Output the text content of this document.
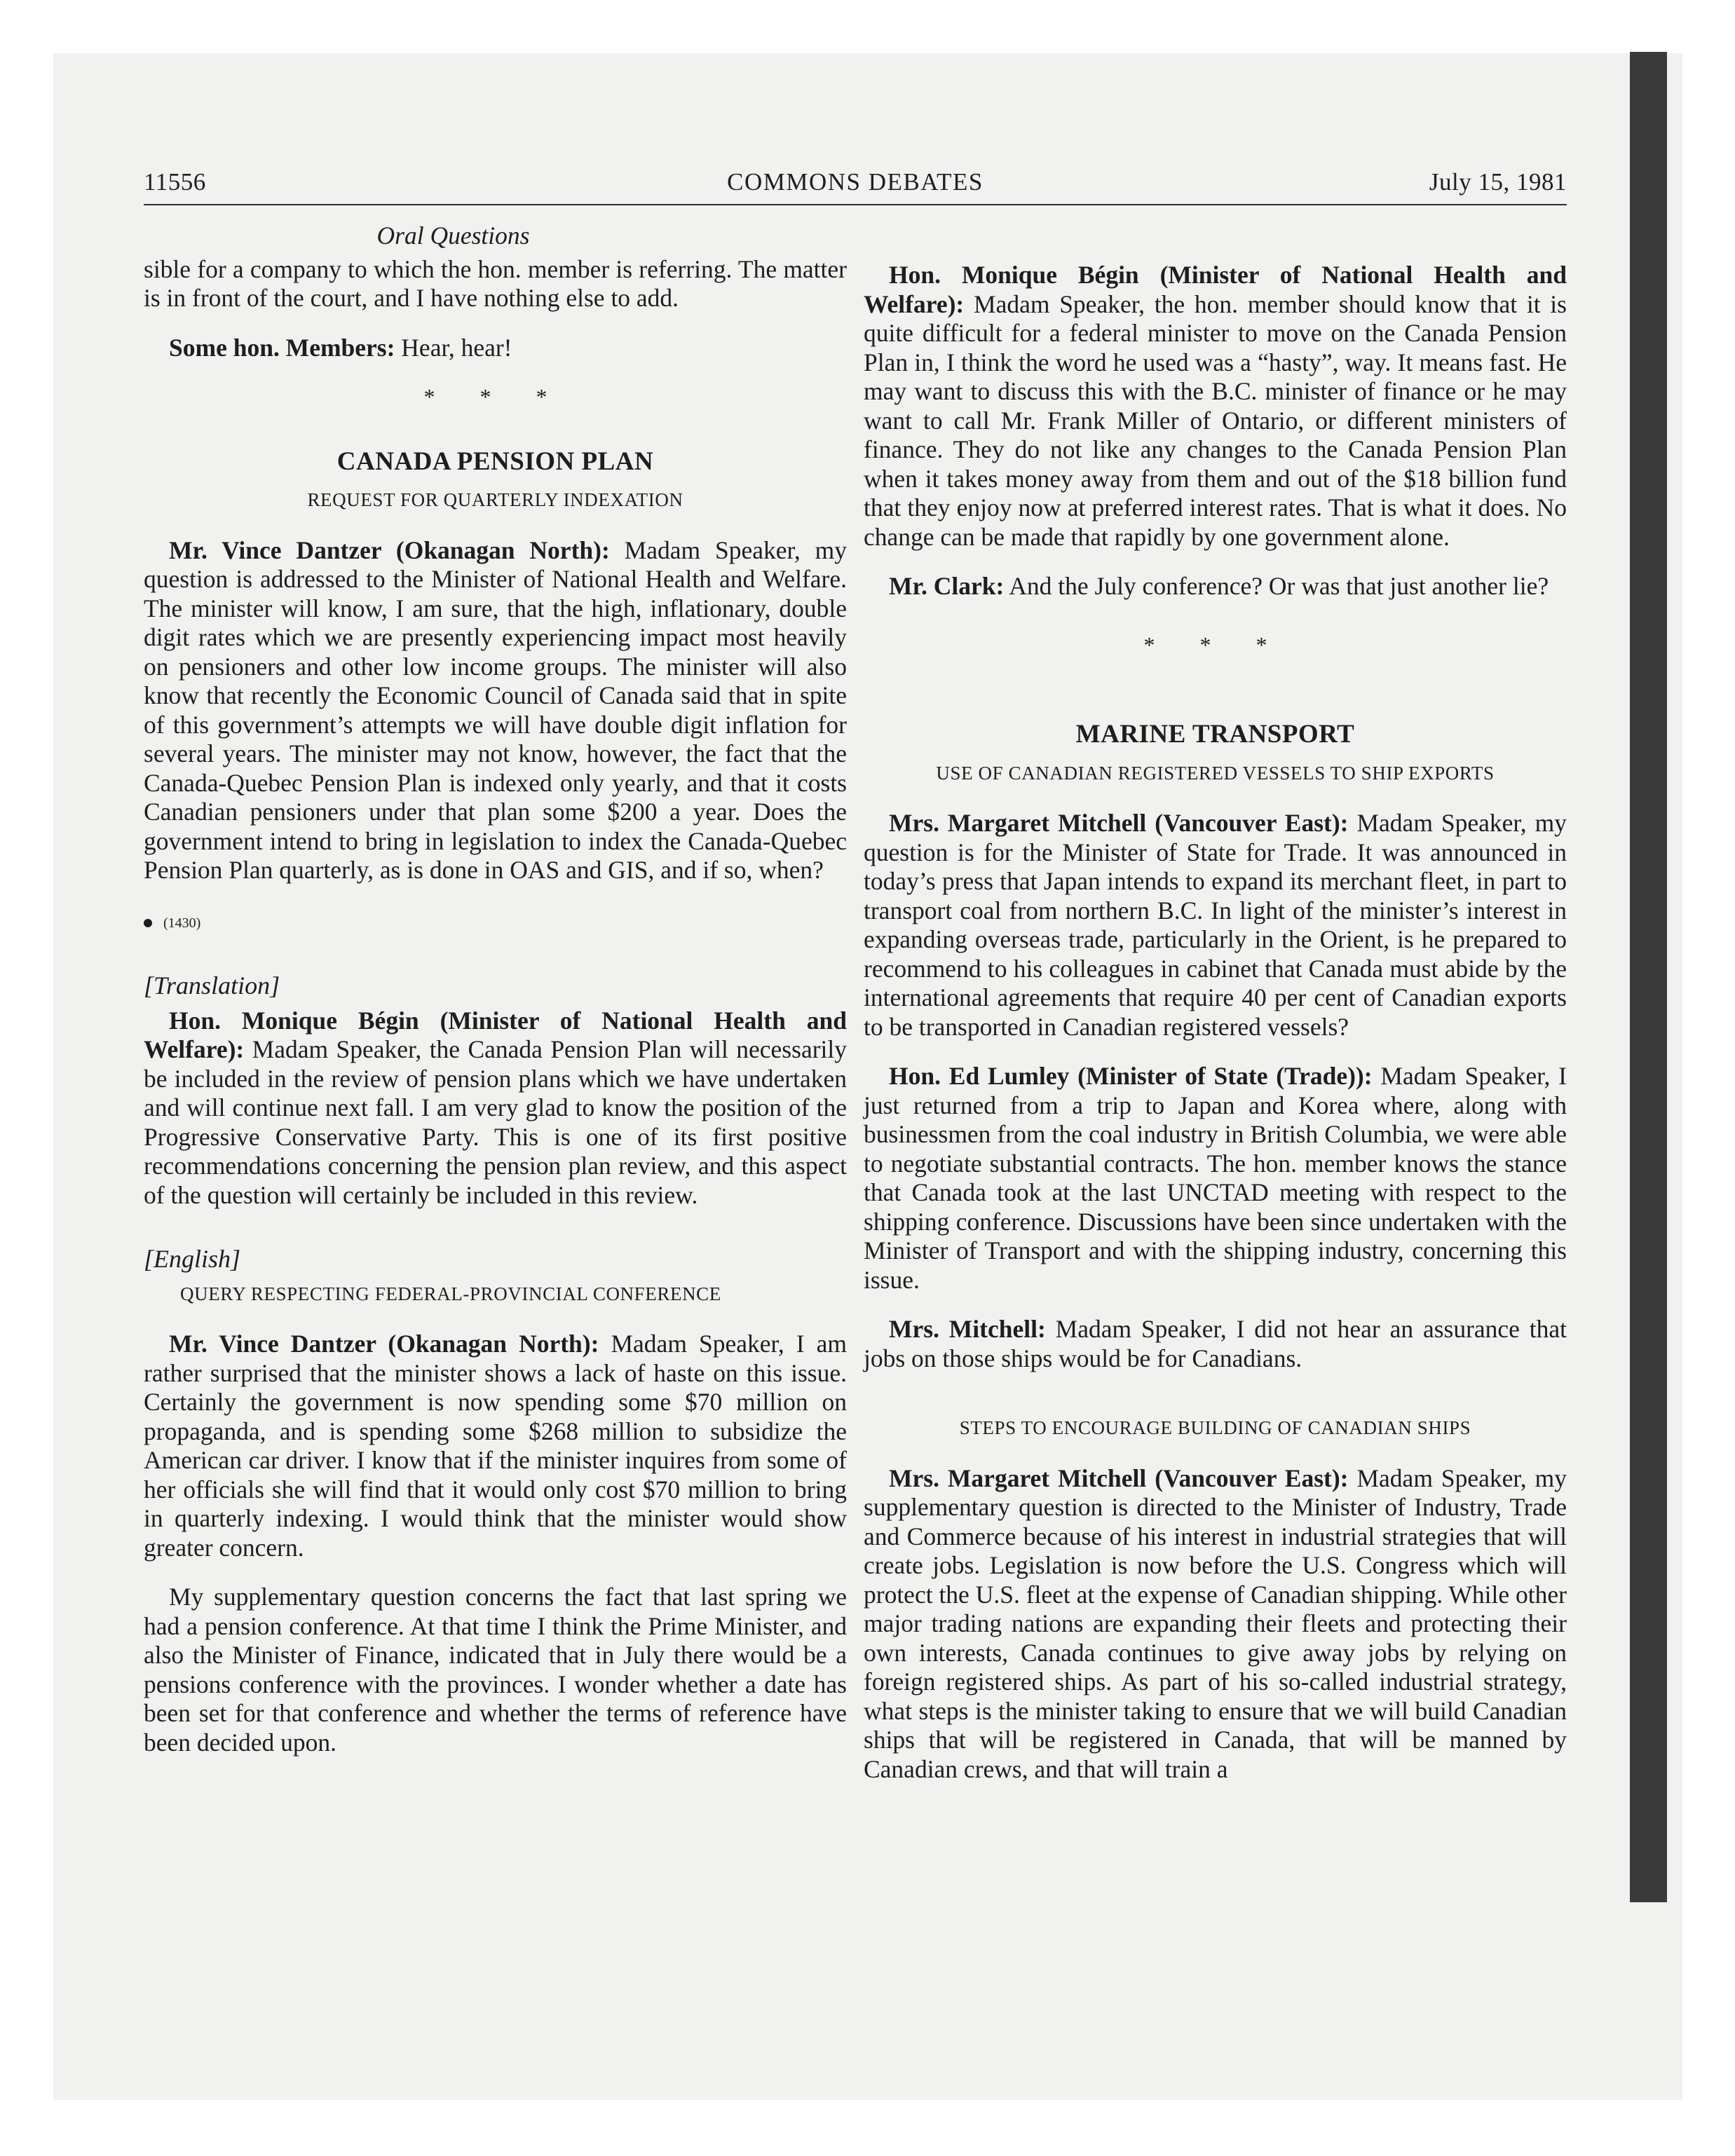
11556	COMMONS DEBATES	July 15, 1981
Oral Questions

sible for a company to which the hon. member is referring. The matter is in front of the court, and I have nothing else to add.

Some hon. Members: Hear, hear!

* * *
CANADA PENSION PLAN
REQUEST FOR QUARTERLY INDEXATION

Mr. Vince Dantzer (Okanagan North): Madam Speaker, my question is addressed to the Minister of National Health and Welfare. The minister will know, I am sure, that the high, inflationary, double digit rates which we are presently experiencing impact most heavily on pensioners and other low income groups. The minister will also know that recently the Economic Council of Canada said that in spite of this government’s attempts we will have double digit inflation for several years. The minister may not know, however, the fact that the Canada-Quebec Pension Plan is indexed only yearly, and that it costs Canadian pensioners under that plan some $200 a year. Does the government intend to bring in legislation to index the Canada-Quebec Pension Plan quarterly, as is done in OAS and GIS, and if so, when?

(1430)
[Translation]

Hon. Monique Bégin (Minister of National Health and Welfare): Madam Speaker, the Canada Pension Plan will necessarily be included in the review of pension plans which we have undertaken and will continue next fall. I am very glad to know the position of the Progressive Conservative Party. This is one of its first positive recommendations concerning the pension plan review, and this aspect of the question will certainly be included in this review.

[English]
QUERY RESPECTING FEDERAL-PROVINCIAL CONFERENCE

Mr. Vince Dantzer (Okanagan North): Madam Speaker, I am rather surprised that the minister shows a lack of haste on this issue. Certainly the government is now spending some $70 million on propaganda, and is spending some $268 million to subsidize the American car driver. I know that if the minister inquires from some of her officials she will find that it would only cost $70 million to bring in quarterly indexing. I would think that the minister would show greater concern.

My supplementary question concerns the fact that last spring we had a pension conference. At that time I think the Prime Minister, and also the Minister of Finance, indicated that in July there would be a pensions conference with the provinces. I wonder whether a date has been set for that conference and whether the terms of reference have been decided upon.

Hon. Monique Bégin (Minister of National Health and Welfare): Madam Speaker, the hon. member should know that it is quite difficult for a federal minister to move on the Canada Pension Plan in, I think the word he used was a “hasty”, way. It means fast. He may want to discuss this with the B.C. minister of finance or he may want to call Mr. Frank Miller of Ontario, or different ministers of finance. They do not like any changes to the Canada Pension Plan when it takes money away from them and out of the $18 billion fund that they enjoy now at preferred interest rates. That is what it does. No change can be made that rapidly by one government alone.

Mr. Clark: And the July conference? Or was that just another lie?

* * *
MARINE TRANSPORT
USE OF CANADIAN REGISTERED VESSELS TO SHIP EXPORTS

Mrs. Margaret Mitchell (Vancouver East): Madam Speaker, my question is for the Minister of State for Trade. It was announced in today’s press that Japan intends to expand its merchant fleet, in part to transport coal from northern B.C. In light of the minister’s interest in expanding overseas trade, particularly in the Orient, is he prepared to recommend to his colleagues in cabinet that Canada must abide by the international agreements that require 40 per cent of Canadian exports to be transported in Canadian registered vessels?

Hon. Ed Lumley (Minister of State (Trade)): Madam Speaker, I just returned from a trip to Japan and Korea where, along with businessmen from the coal industry in British Columbia, we were able to negotiate substantial contracts. The hon. member knows the stance that Canada took at the last UNCTAD meeting with respect to the shipping conference. Discussions have been since undertaken with the Minister of Transport and with the shipping industry, concerning this issue.

Mrs. Mitchell: Madam Speaker, I did not hear an assurance that jobs on those ships would be for Canadians.

STEPS TO ENCOURAGE BUILDING OF CANADIAN SHIPS

Mrs. Margaret Mitchell (Vancouver East): Madam Speaker, my supplementary question is directed to the Minister of Industry, Trade and Commerce because of his interest in industrial strategies that will create jobs. Legislation is now before the U.S. Congress which will protect the U.S. fleet at the expense of Canadian shipping. While other major trading nations are expanding their fleets and protecting their own interests, Canada continues to give away jobs by relying on foreign registered ships. As part of his so-called industrial strategy, what steps is the minister taking to ensure that we will build Canadian ships that will be registered in Canada, that will be manned by Canadian crews, and that will train a
